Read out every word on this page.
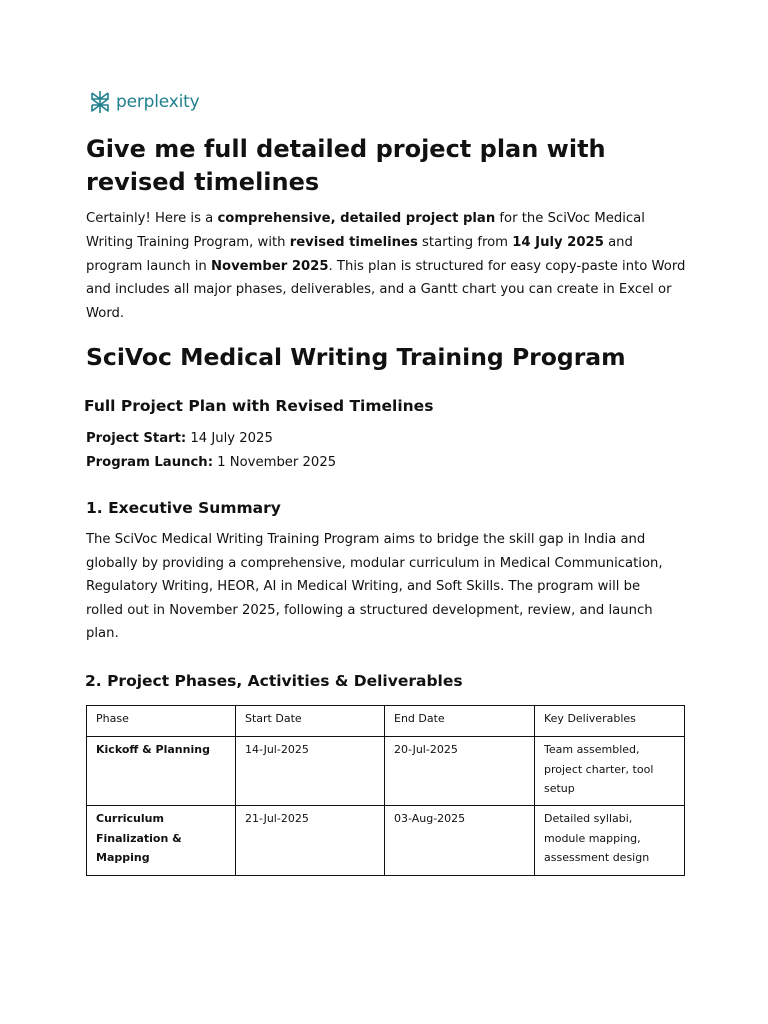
perplexity
Give me full detailed project plan with revised timelines

Certainly! Here is a comprehensive, detailed project plan for the SciVoc Medical Writing Training Program, with revised timelines starting from 14 July 2025 and program launch in November 2025. This plan is structured for easy copy-paste into Word and includes all major phases, deliverables, and a Gantt chart you can create in Excel or Word.

SciVoc Medical Writing Training Program
Full Project Plan with Revised Timelines
Project Start: 14 July 2025
Program Launch: 1 November 2025
1. Executive Summary

The SciVoc Medical Writing Training Program aims to bridge the skill gap in India and globally by providing a comprehensive, modular curriculum in Medical Communication, Regulatory Writing, HEOR, AI in Medical Writing, and Soft Skills. The program will be rolled out in November 2025, following a structured development, review, and launch plan.

2. Project Phases, Activities & Deliverables
Phase	Start Date	End Date	Key Deliverables
Kickoff & Planning	14-Jul-2025	20-Jul-2025	Team assembled, project charter, tool setup
Curriculum Finalization & Mapping	21-Jul-2025	03-Aug-2025	Detailed syllabi, module mapping, assessment design
